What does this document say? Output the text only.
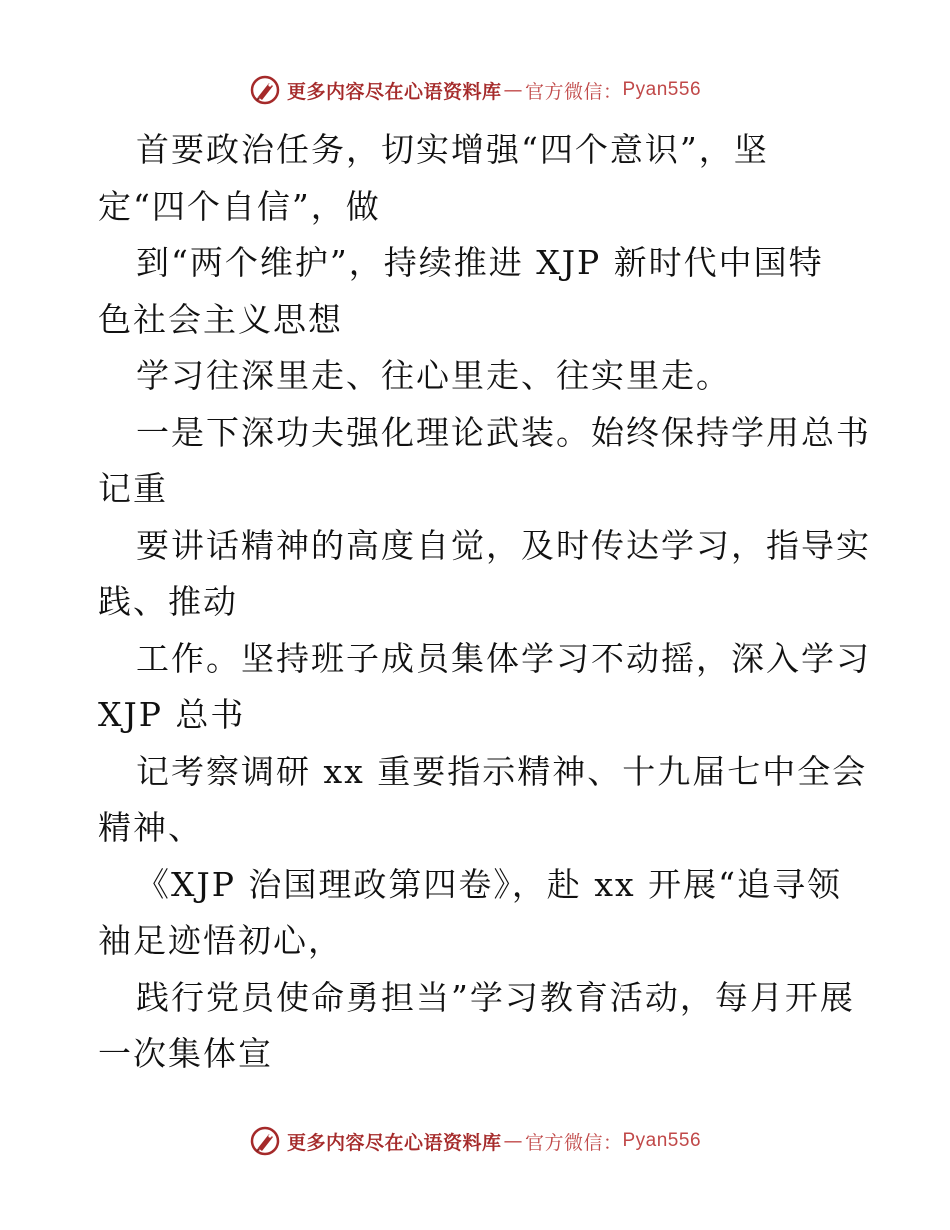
更多内容尽在心语资料库 — 官方微信： Pyan556
首要政治任务，切实增强“四个意识”，坚
定“四个自信”，做
到“两个维护”，持续推进 XJP 新时代中国特
色社会主义思想
学习往深里走、往心里走、往实里走。
一是下深功夫强化理论武装。始终保持学用总书
记重
要讲话精神的高度自觉，及时传达学习，指导实
践、推动
工作。坚持班子成员集体学习不动摇，深入学习
XJP 总书
记考察调研 xx 重要指示精神、十九届七中全会
精神、
《XJP 治国理政第四卷》，赴 xx 开展“追寻领
袖足迹悟初心，
践行党员使命勇担当”学习教育活动，每月开展
一次集体宣
更多内容尽在心语资料库 — 官方微信： Pyan556
